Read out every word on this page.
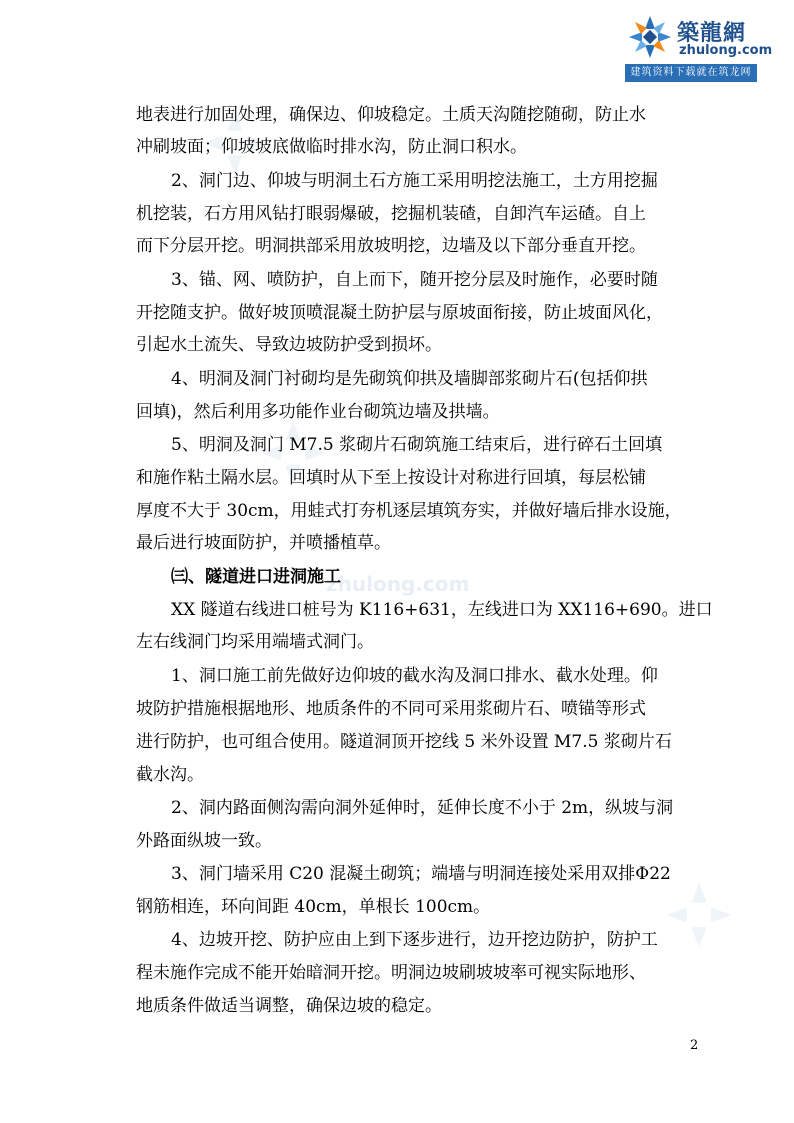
築龍網
zhulong.com
建筑资料下载就在筑龙网
zhulong.com
地表进行加固处理，确保边、仰坡稳定。土质天沟随挖随砌，防止水
冲刷坡面；仰坡坡底做临时排水沟，防止洞口积水。
2、洞门边、仰坡与明洞土石方施工采用明挖法施工，土方用挖掘
机挖装，石方用风钻打眼弱爆破，挖掘机装碴，自卸汽车运碴。自上
而下分层开挖。明洞拱部采用放坡明挖，边墙及以下部分垂直开挖。
3、锚、网、喷防护，自上而下，随开挖分层及时施作，必要时随
开挖随支护。做好坡顶喷混凝土防护层与原坡面衔接，防止坡面风化，
引起水土流失、导致边坡防护受到损坏。
4、明洞及洞门衬砌均是先砌筑仰拱及墙脚部浆砌片石(包括仰拱
回填)，然后利用多功能作业台砌筑边墙及拱墙。
5、明洞及洞门 M7.5 浆砌片石砌筑施工结束后，进行碎石土回填
和施作粘土隔水层。回填时从下至上按设计对称进行回填，每层松铺
厚度不大于 30cm，用蛙式打夯机逐层填筑夯实，并做好墙后排水设施，
最后进行坡面防护，并喷播植草。
㈢、隧道进口进洞施工
XX 隧道右线进口桩号为 K116+631，左线进口为 XX116+690。进口
左右线洞门均采用端墙式洞门。
1、洞口施工前先做好边仰坡的截水沟及洞口排水、截水处理。仰
坡防护措施根据地形、地质条件的不同可采用浆砌片石、喷锚等形式
进行防护，也可组合使用。隧道洞顶开挖线 5 米外设置 M7.5 浆砌片石
截水沟。
2、洞内路面侧沟需向洞外延伸时，延伸长度不小于 2m，纵坡与洞
外路面纵坡一致。
3、洞门墙采用 C20 混凝土砌筑；端墙与明洞连接处采用双排Φ22
钢筋相连，环向间距 40cm，单根长 100cm。
4、边坡开挖、防护应由上到下逐步进行，边开挖边防护，防护工
程未施作完成不能开始暗洞开挖。明洞边坡刷坡坡率可视实际地形、
地质条件做适当调整，确保边坡的稳定。
2
